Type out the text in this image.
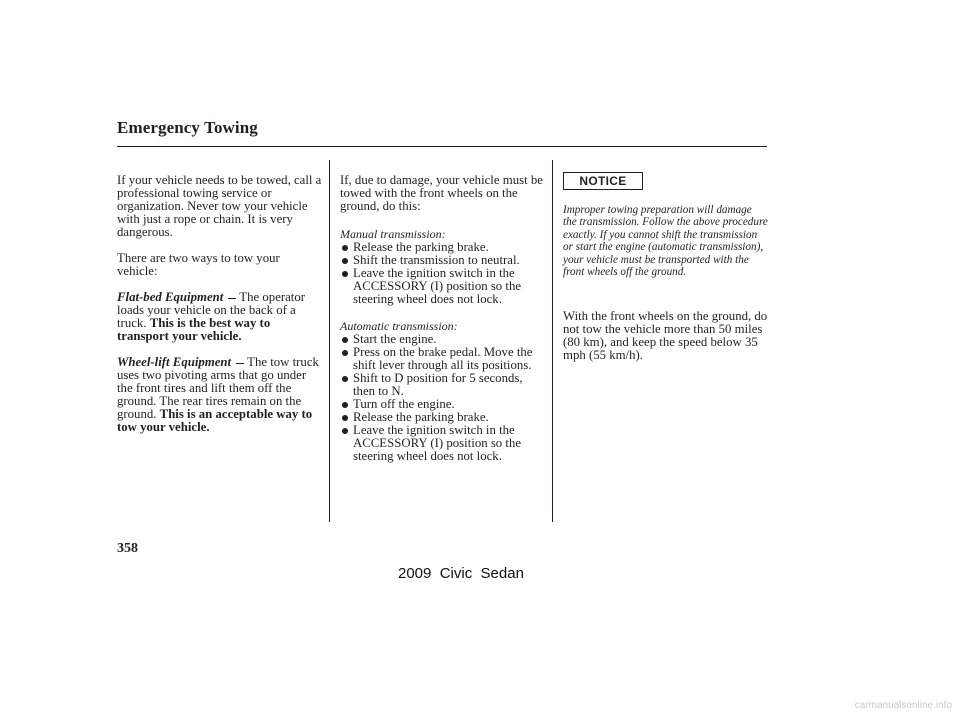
Emergency Towing

If your vehicle needs to be towed, call a professional towing service or organization. Never tow your vehicle with just a rope or chain. It is very dangerous.

There are two ways to tow your vehicle:

Flat-bed Equipment The operator loads your vehicle on the back of a truck. This is the best way to transport your vehicle.

Wheel-lift Equipment The tow truck uses two pivoting arms that go under the front tires and lift them off the ground. The rear tires remain on the ground. This is an acceptable way to tow your vehicle.

If, due to damage, your vehicle must be towed with the front wheels on the ground, do this:

Manual transmission:
Release the parking brake.
Shift the transmission to neutral.
Leave the ignition switch in the ACCESSORY (I) position so the steering wheel does not lock.
Automatic transmission:
Start the engine.
Press on the brake pedal. Move the shift lever through all its positions.
Shift to D position for 5 seconds, then to N.
Turn off the engine.
Release the parking brake.
Leave the ignition switch in the ACCESSORY (I) position so the steering wheel does not lock.
NOTICE
Improper towing preparation will damage the transmission. Follow the above procedure exactly. If you cannot shift the transmission or start the engine (automatic transmission), your vehicle must be transported with the front wheels off the ground.
With the front wheels on the ground, do not tow the vehicle more than 50 miles (80 km), and keep the speed below 35 mph (55 km/h).
358
2009  Civic  Sedan
carmanualsonline.info
